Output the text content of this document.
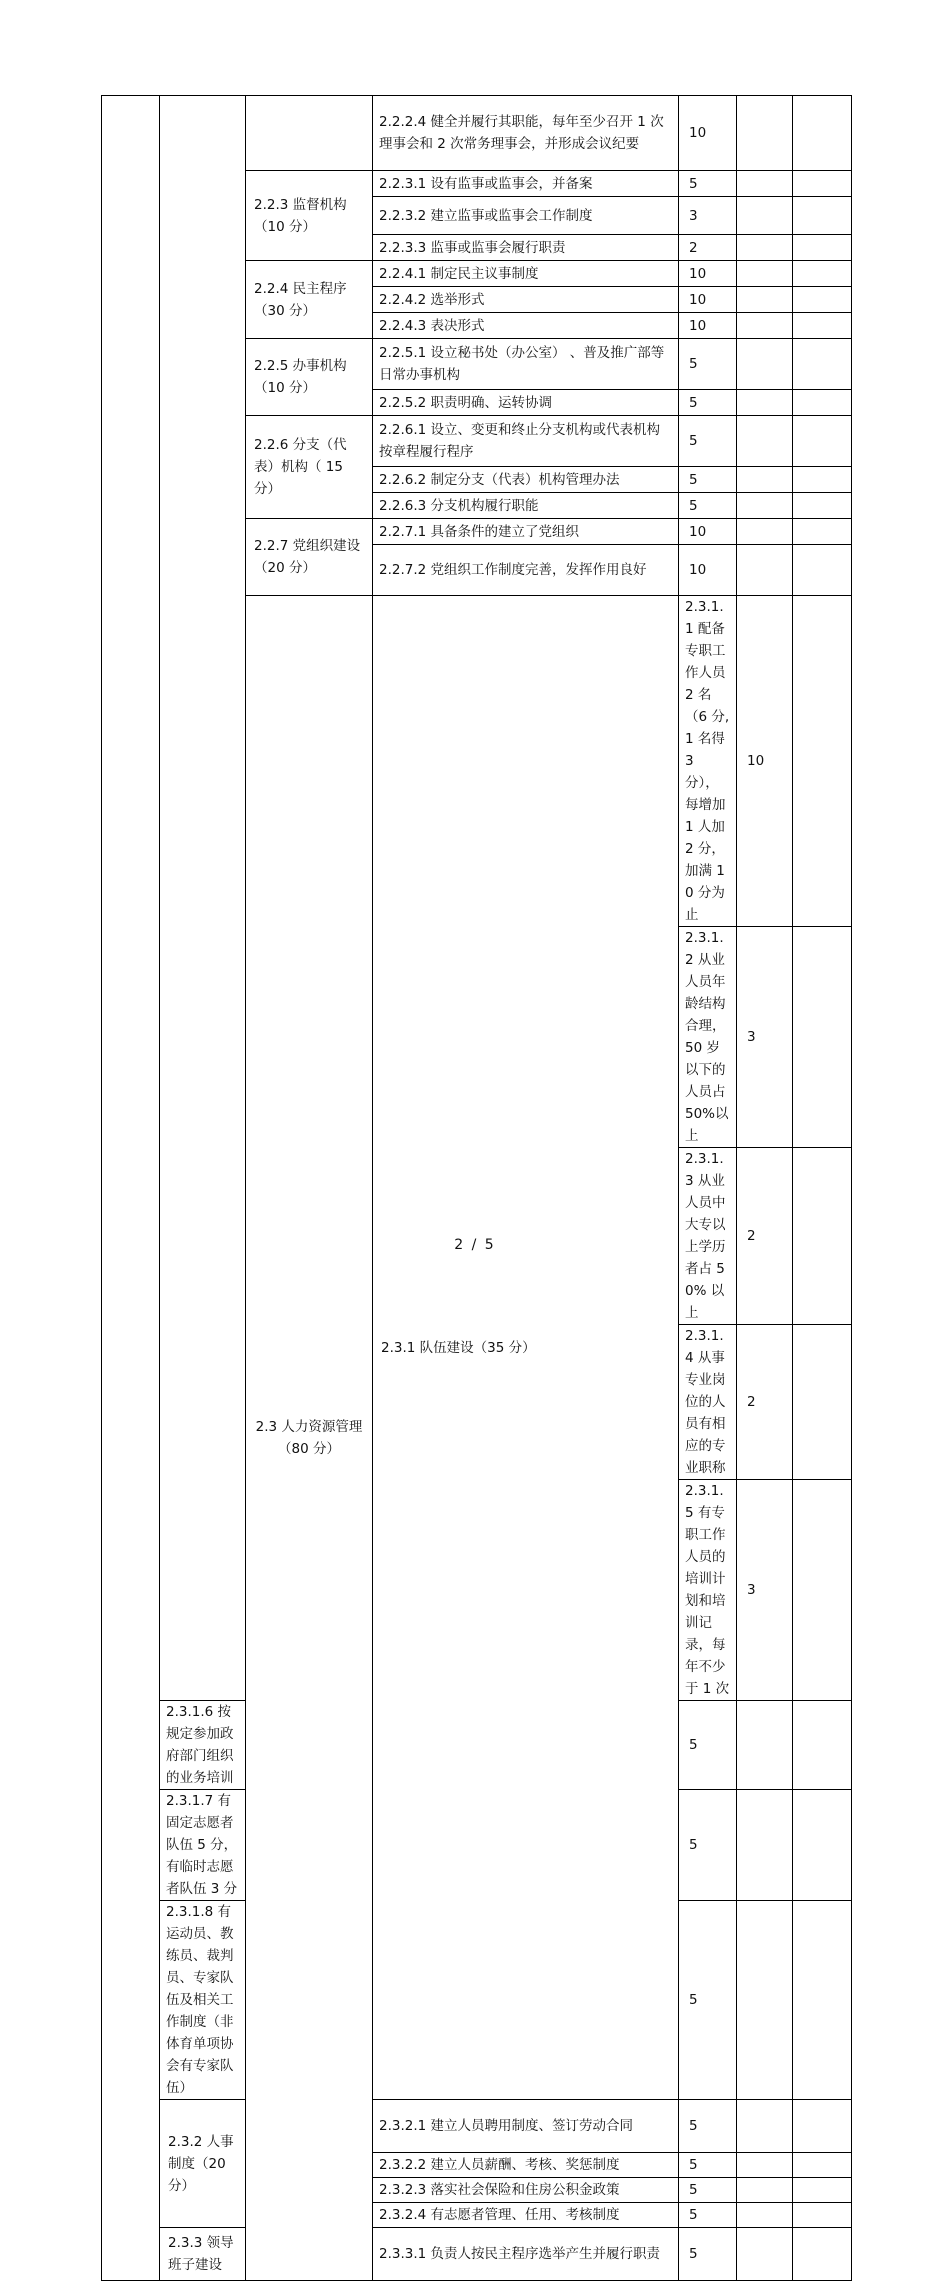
			2.2.2.4 健全并履行其职能，每年至少召开 1 次理事会和 2 次常务理事会，并形成会议纪要	10			
		2.2.3 监督机构（10 分）	2.2.3.1 设有监事或监事会，并备案	5			
			2.2.3.2 建立监事或监事会工作制度	3			
			2.2.3.3 监事或监事会履行职责	2			
		2.2.4 民主程序（30 分）	2.2.4.1 制定民主议事制度	10			
			2.2.4.2 选举形式	10			
			2.2.4.3 表决形式	10			
		2.2.5 办事机构（10 分）	2.2.5.1 设立秘书处（办公室） 、普及推广部等日常办事机构	5			
			2.2.5.2 职责明确、运转协调	5			
		2.2.6 分支（代表）机构（ 15 分）	2.2.6.1 设立、变更和终止分支机构或代表机构按章程履行程序	5			
			2.2.6.2 制定分支（代表）机构管理办法	5			
			2.2.6.3 分支机构履行职能	5			
		2.2.7 党组织建设（20 分）	2.2.7.1 具备条件的建立了党组织	10			
			2.2.7.2 党组织工作制度完善，发挥作用良好	10			
		2.3 人力资源管理（80 分）	2.3.1 队伍建设（35 分）	2.3.1.1 配备专职工作人员 2 名（6 分,1 名得 3 分），每增加 1 人加 2 分，加满 10 分为止	10		
				2.3.1.2 从业人员年龄结构合理， 50 岁以下的人员占 50%以上	3		
				2.3.1.3 从业人员中大专以上学历者占 50% 以上	2		
				2.3.1.4 从事专业岗位的人员有相应的专业职称	2		
				2.3.1.5 有专职工作人员的培训计划和培训记录，每年不少于 1 次	3		
	2.3.1.6 按规定参加政府部门组织的业务培训			5			
	2.3.1.7 有固定志愿者队伍 5 分，有临时志愿者队伍 3 分			5			
	2.3.1.8 有运动员、教练员、裁判员、专家队伍及相关工作制度（非体育单项协会有专家队伍）			5			
	2.3.2 人事制度（20 分）		2.3.2.1 建立人员聘用制度、签订劳动合同	5			
			2.3.2.2 建立人员薪酬、考核、奖惩制度	5			
			2.3.2.3 落实社会保险和住房公积金政策	5			
			2.3.2.4 有志愿者管理、任用、考核制度	5			
	2.3.3 领导班子建设		2.3.3.1 负责人按民主程序选举产生并履行职责	5			
2 / 5
